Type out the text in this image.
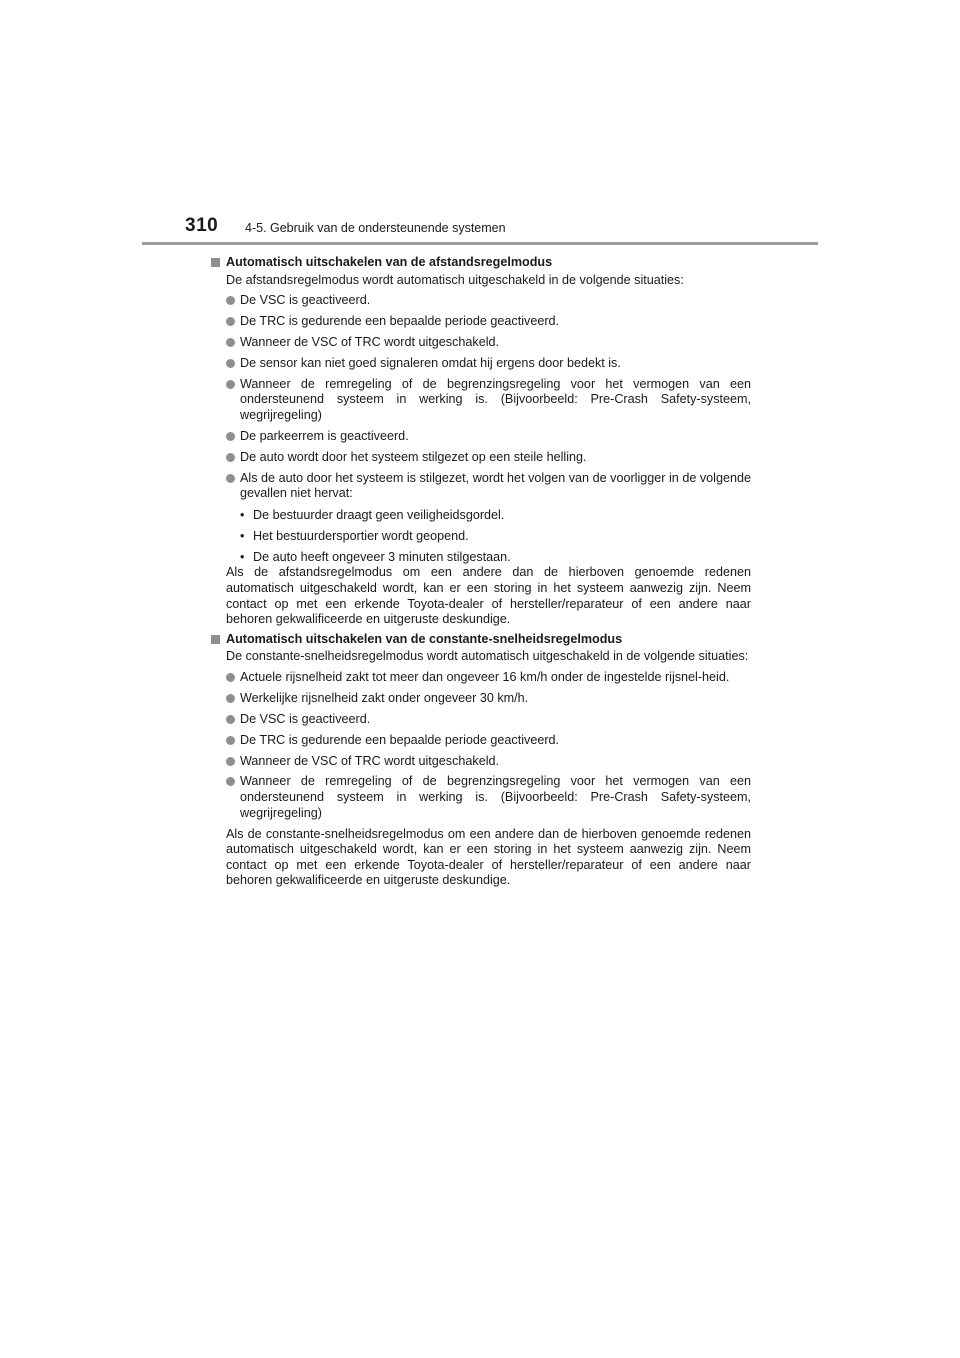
310 4-5. Gebruik van de ondersteunende systemen
Automatisch uitschakelen van de afstandsregelmodus

De afstandsregelmodus wordt automatisch uitgeschakeld in de volgende situaties:

De VSC is geactiveerd.
De TRC is gedurende een bepaalde periode geactiveerd.
Wanneer de VSC of TRC wordt uitgeschakeld.
De sensor kan niet goed signaleren omdat hij ergens door bedekt is.
Wanneer de remregeling of de begrenzingsregeling voor het vermogen van een ondersteunend systeem in werking is. (Bijvoorbeeld: Pre-Crash Safety-systeem, wegrijregeling)
De parkeerrem is geactiveerd.
De auto wordt door het systeem stilgezet op een steile helling.
Als de auto door het systeem is stilgezet, wordt het volgen van de voorligger in de volgende gevallen niet hervat:
• De bestuurder draagt geen veiligheidsgordel.
• Het bestuurdersportier wordt geopend.
• De auto heeft ongeveer 3 minuten stilgestaan.

Als de afstandsregelmodus om een andere dan de hierboven genoemde redenen automatisch uitgeschakeld wordt, kan er een storing in het systeem aanwezig zijn. Neem contact op met een erkende Toyota-dealer of hersteller/reparateur of een andere naar behoren gekwalificeerde en uitgeruste deskundige.

Automatisch uitschakelen van de constante-snelheidsregelmodus

De constante-snelheidsregelmodus wordt automatisch uitgeschakeld in de volgende situaties:

Actuele rijsnelheid zakt tot meer dan ongeveer 16 km/h onder de ingestelde rijsnel-heid.
Werkelijke rijsnelheid zakt onder ongeveer 30 km/h.
De VSC is geactiveerd.
De TRC is gedurende een bepaalde periode geactiveerd.
Wanneer de VSC of TRC wordt uitgeschakeld.
Wanneer de remregeling of de begrenzingsregeling voor het vermogen van een ondersteunend systeem in werking is. (Bijvoorbeeld: Pre-Crash Safety-systeem, wegrijregeling)

Als de constante-snelheidsregelmodus om een andere dan de hierboven genoemde redenen automatisch uitgeschakeld wordt, kan er een storing in het systeem aanwezig zijn. Neem contact op met een erkende Toyota-dealer of hersteller/reparateur of een andere naar behoren gekwalificeerde en uitgeruste deskundige.
